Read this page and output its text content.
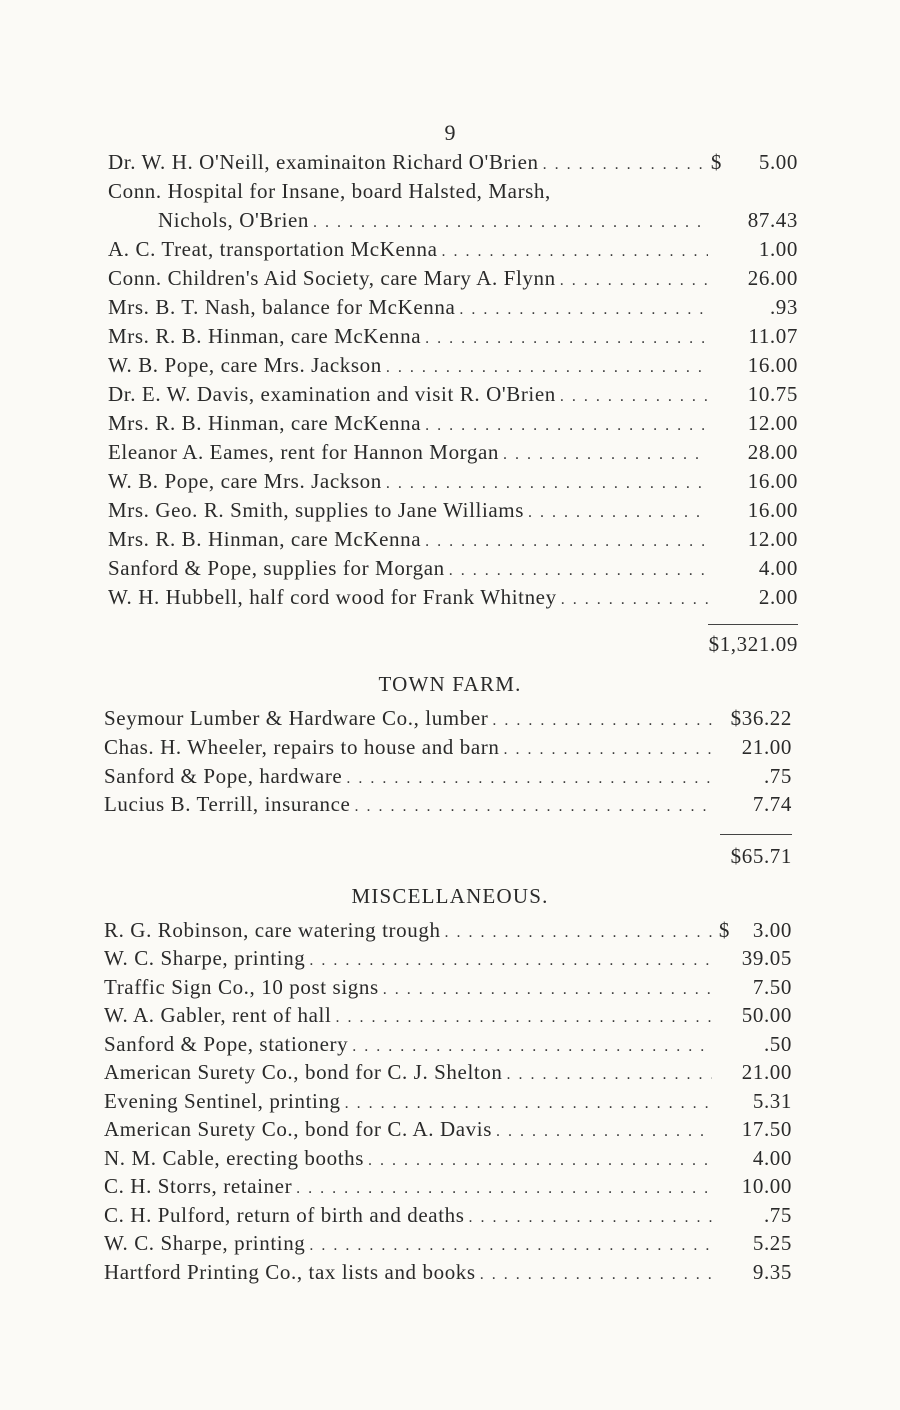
9
Dr. W. H. O'Neill, examinaiton Richard O'Brien . . .	$	5.00
Conn. Hospital for Insane, board Halsted, Marsh,
Nichols, O'Brien . . .	87.43
A. C. Treat, transportation McKenna . . .	1.00
Conn. Children's Aid Society, care Mary A. Flynn . . .	26.00
Mrs. B. T. Nash, balance for McKenna . . .	.93
Mrs. R. B. Hinman, care McKenna . . .	11.07
W. B. Pope, care Mrs. Jackson . . .	16.00
Dr. E. W. Davis, examination and visit R. O'Brien . . .	10.75
Mrs. R. B. Hinman, care McKenna . . .	12.00
Eleanor A. Eames, rent for Hannon Morgan . . .	28.00
W. B. Pope, care Mrs. Jackson . . .	16.00
Mrs. Geo. R. Smith, supplies to Jane Williams . . .	16.00
Mrs. R. B. Hinman, care McKenna . . .	12.00
Sanford & Pope, supplies for Morgan . . .	4.00
W. H. Hubbell, half cord wood for Frank Whitney . . .	2.00
$1,321.09
TOWN FARM.
Seymour Lumber & Hardware Co., lumber . . .	$36.22
Chas. H. Wheeler, repairs to house and barn . . .	21.00
Sanford & Pope, hardware . . .	.75
Lucius B. Terrill, insurance . . .	7.74
$65.71
MISCELLANEOUS.
R. G. Robinson, care watering trough . . .	$	3.00
W. C. Sharpe, printing . . .	39.05
Traffic Sign Co., 10 post signs . . .	7.50
W. A. Gabler, rent of hall . . .	50.00
Sanford & Pope, stationery . . .	.50
American Surety Co., bond for C. J. Shelton . . .	21.00
Evening Sentinel, printing . . .	5.31
American Surety Co., bond for C. A. Davis . . .	17.50
N. M. Cable, erecting booths . . .	4.00
C. H. Storrs, retainer . . .	10.00
C. H. Pulford, return of birth and deaths . . .	.75
W. C. Sharpe, printing . . .	5.25
Hartford Printing Co., tax lists and books . . .	9.35
